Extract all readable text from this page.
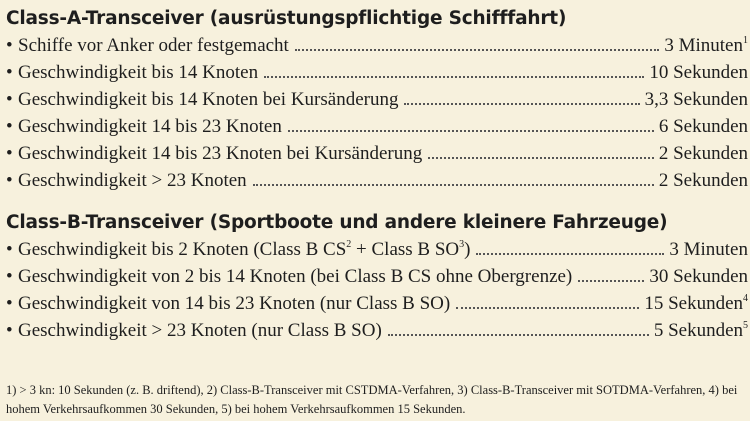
Class-A-Transceiver (ausrüstungspflichtige Schifffahrt)
• Schiffe vor Anker oder festgemacht	3 Minuten$^1$
• Geschwindigkeit bis 14 Knoten	10 Sekunden
• Geschwindigkeit bis 14 Knoten bei Kursänderung	3,3 Sekunden
• Geschwindigkeit 14 bis 23 Knoten	6 Sekunden
• Geschwindigkeit 14 bis 23 Knoten bei Kursänderung	2 Sekunden
• Geschwindigkeit > 23 Knoten	2 Sekunden
Class-B-Transceiver (Sportboote und andere kleinere Fahrzeuge)
• Geschwindigkeit bis 2 Knoten (Class B $CS^2$ + Class B $SO^3$)	3 Minuten
• Geschwindigkeit von 2 bis 14 Knoten (bei Class B CS ohne Obergrenze)	30 Sekunden
• Geschwindigkeit von 14 bis 23 Knoten (nur Class B SO)	15 Sekunden$^4$
• Geschwindigkeit > 23 Knoten (nur Class B SO)	5 Sekunden$^5$

1) > 3 kn: 10 Sekunden (z. B. driftend), 2) Class-B-Transceiver mit CSTDMA-Verfahren, 3) Class-B-Transceiver mit SOTDMA-Verfahren, 4) bei hohem Verkehrsaufkommen 30 Sekunden, 5) bei hohem Verkehrsaufkommen 15 Sekunden.
